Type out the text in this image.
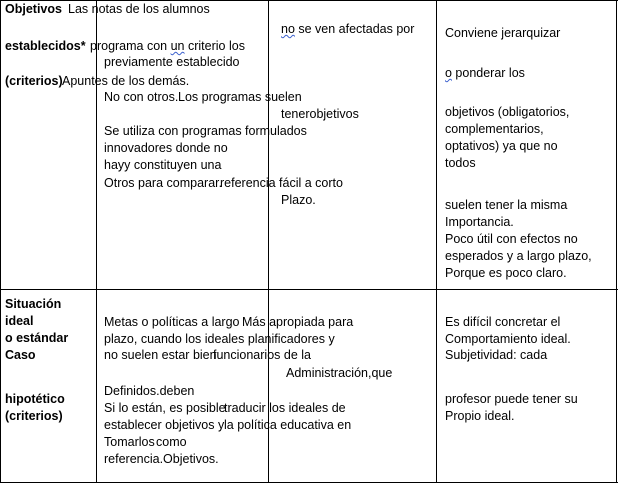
Objetivos
establecidos*
(criterios)
Las notas de los alumnos
programa con un criterio los
previamente establecido
Apuntes de los demás.
No con otros. Los programas suelen
Se utiliza con programas formulados
innovadores donde no
hayy constituyen una
Otros para comparar.
referencia fácil a corto
no se ven afectadas por
tenerobjetivos
Plazo.
Conviene jerarquizar
o ponderar los
objetivos (obligatorios,
complementarios,
optativos) ya que no
todos
suelen tener la misma
Importancia.
Poco útil con efectos no
esperados y a largo plazo,
Porque es poco claro.
Situación
ideal
o estándar
Caso
hipotético
(criterios)
Metas o políticas a largo Más apropiada para
plazo, cuando los ideales planificadores y
no suelen estar bien
funcionarios de la
Administración,que
Definidos.deben
Si lo están, es posible
traducir los ideales de
establecer objetivos y la política educativa en
Tomarlos como
referencia.Objetivos.
Es difícil concretar el
Comportamiento ideal.
Subjetividad: cada
profesor puede tener su
Propio ideal.
